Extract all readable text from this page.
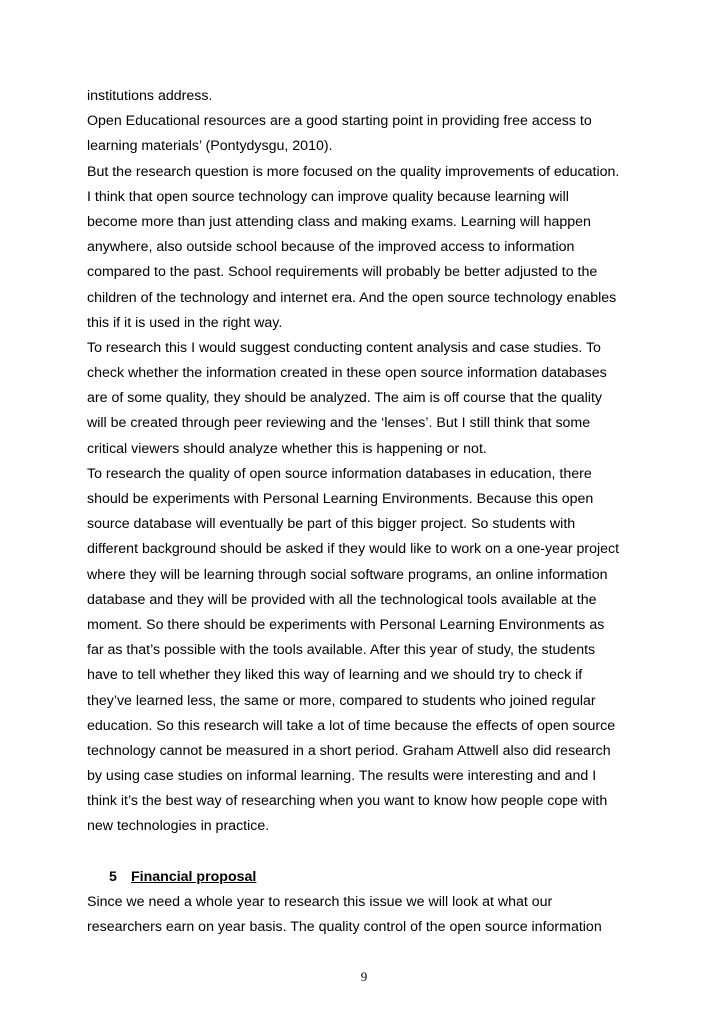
institutions address.
Open Educational resources are a good starting point in providing free access to
learning materials’ (Pontydysgu, 2010).
But the research question is more focused on the quality improvements of education.
I think that open source technology can improve quality because learning will
become more than just attending class and making exams. Learning will happen
anywhere, also outside school because of the improved access to information
compared to the past. School requirements will probably be better adjusted to the
children of the technology and internet era. And the open source technology enables
this if it is used in the right way.
To research this I would suggest conducting content analysis and case studies. To
check whether the information created in these open source information databases
are of some quality, they should be analyzed. The aim is off course that the quality
will be created through peer reviewing and the ‘lenses’. But I still think that some
critical viewers should analyze whether this is happening or not.
To research the quality of open source information databases in education, there
should be experiments with Personal Learning Environments. Because this open
source database will eventually be part of this bigger project. So students with
different background should be asked if they would like to work on a one-year project
where they will be learning through social software programs, an online information
database and they will be provided with all the technological tools available at the
moment. So there should be experiments with Personal Learning Environments as
far as that’s possible with the tools available. After this year of study, the students
have to tell whether they liked this way of learning and we should try to check if
they’ve learned less, the same or more, compared to students who joined regular
education. So this research will take a lot of time because the effects of open source
technology cannot be measured in a short period. Graham Attwell also did research
by using case studies on informal learning. The results were interesting and and I
think it’s the best way of researching when you want to know how people cope with
new technologies in practice.
5 Financial proposal
Since we need a whole year to research this issue we will look at what our
researchers earn on year basis. The quality control of the open source information
9
